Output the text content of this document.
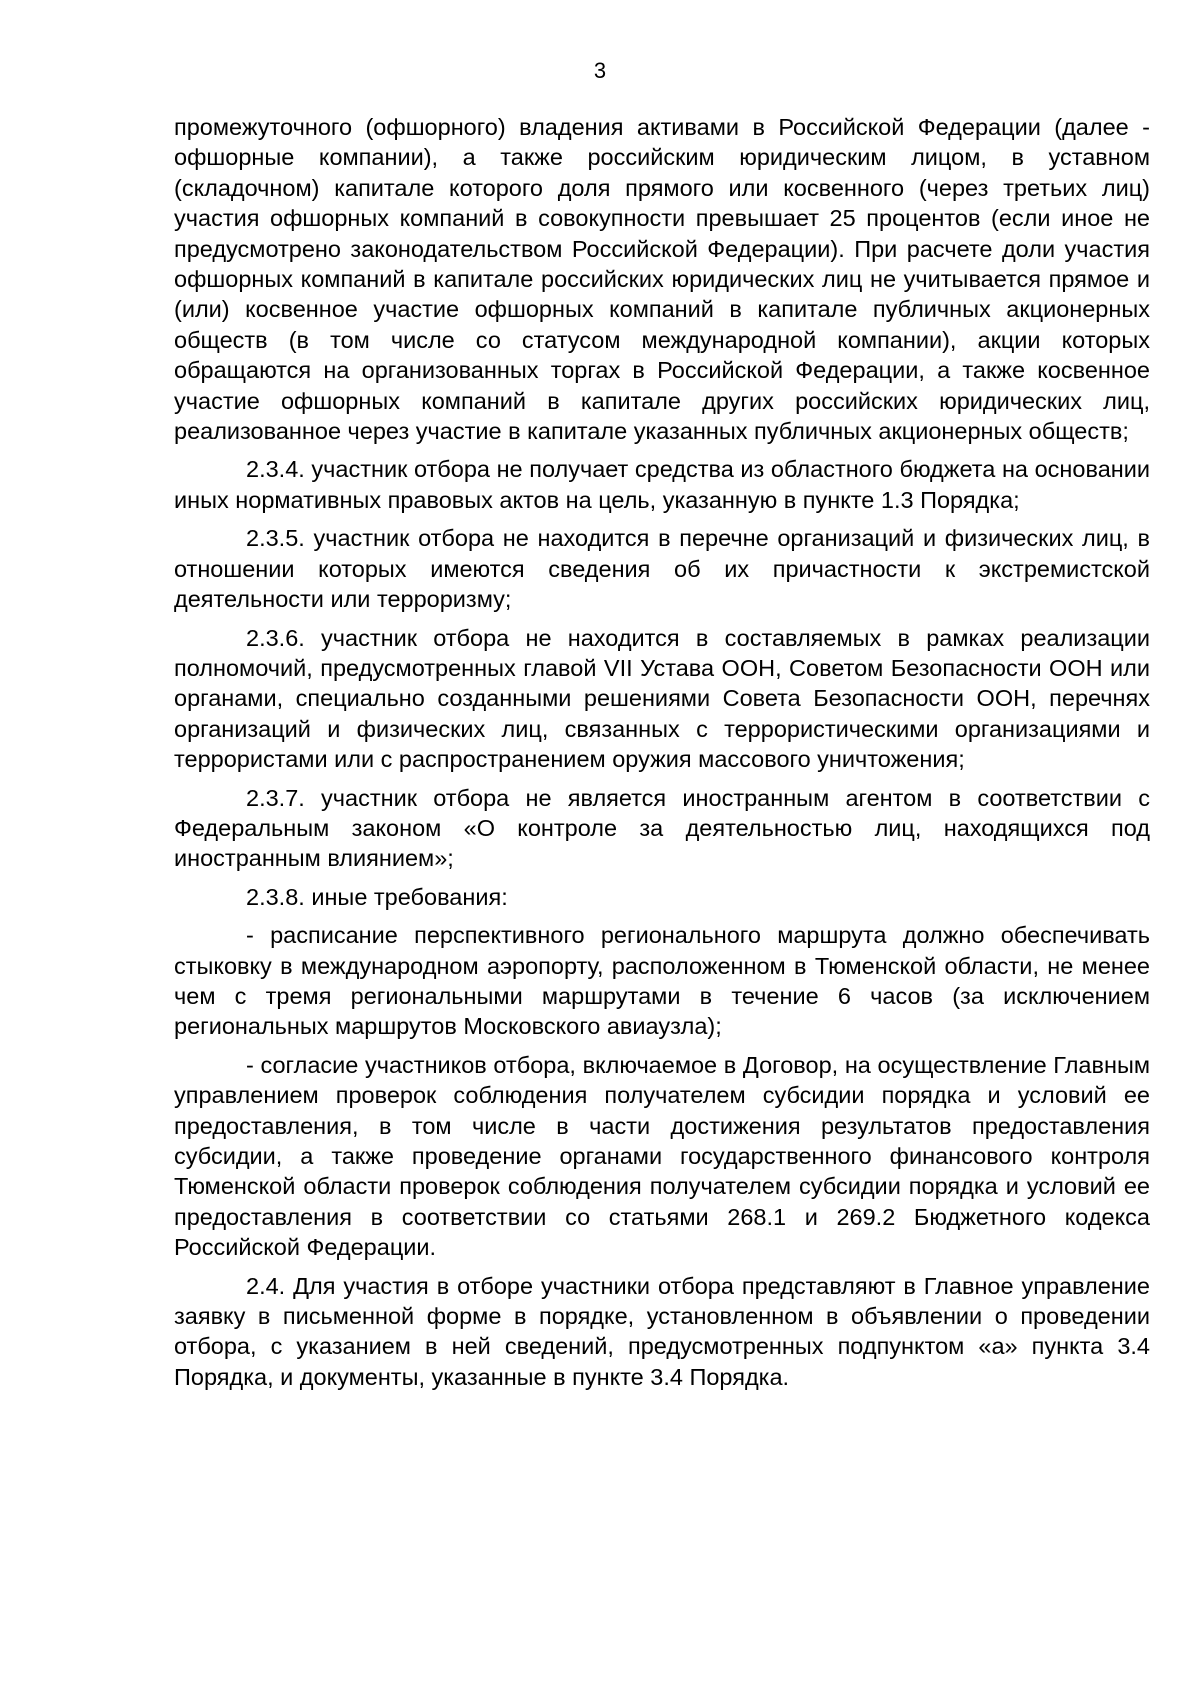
3

промежуточного (офшорного) владения активами в Российской Федерации (далее - офшорные компании), а также российским юридическим лицом, в уставном (складочном) капитале которого доля прямого или косвенного (через третьих лиц) участия офшорных компаний в совокупности превышает 25 процентов (если иное не предусмотрено законодательством Российской Федерации). При расчете доли участия офшорных компаний в капитале российских юридических лиц не учитывается прямое и (или) косвенное участие офшорных компаний в капитале публичных акционерных обществ (в том числе со статусом международной компании), акции которых обращаются на организованных торгах в Российской Федерации, а также косвенное участие офшорных компаний в капитале других российских юридических лиц, реализованное через участие в капитале указанных публичных акционерных обществ;

2.3.4. участник отбора не получает средства из областного бюджета на основании иных нормативных правовых актов на цель, указанную в пункте 1.3 Порядка;

2.3.5. участник отбора не находится в перечне организаций и физических лиц, в отношении которых имеются сведения об их причастности к экстремистской деятельности или терроризму;

2.3.6. участник отбора не находится в составляемых в рамках реализации полномочий, предусмотренных главой VII Устава ООН, Советом Безопасности ООН или органами, специально созданными решениями Совета Безопасности ООН, перечнях организаций и физических лиц, связанных с террористическими организациями и террористами или с распространением оружия массового уничтожения;

2.3.7. участник отбора не является иностранным агентом в соответствии с Федеральным законом «О контроле за деятельностью лиц, находящихся под иностранным влиянием»;

2.3.8. иные требования:

- расписание перспективного регионального маршрута должно обеспечивать стыковку в международном аэропорту, расположенном в Тюменской области, не менее чем с тремя региональными маршрутами в течение 6 часов (за исключением региональных маршрутов Московского авиаузла);

- согласие участников отбора, включаемое в Договор, на осуществление Главным управлением проверок соблюдения получателем субсидии порядка и условий ее предоставления, в том числе в части достижения результатов предоставления субсидии, а также проведение органами государственного финансового контроля Тюменской области проверок соблюдения получателем субсидии порядка и условий ее предоставления в соответствии со статьями 268.1 и 269.2 Бюджетного кодекса Российской Федерации.

2.4. Для участия в отборе участники отбора представляют в Главное управление заявку в письменной форме в порядке, установленном в объявлении о проведении отбора, с указанием в ней сведений, предусмотренных подпунктом «а» пункта 3.4 Порядка, и документы, указанные в пункте 3.4 Порядка.
